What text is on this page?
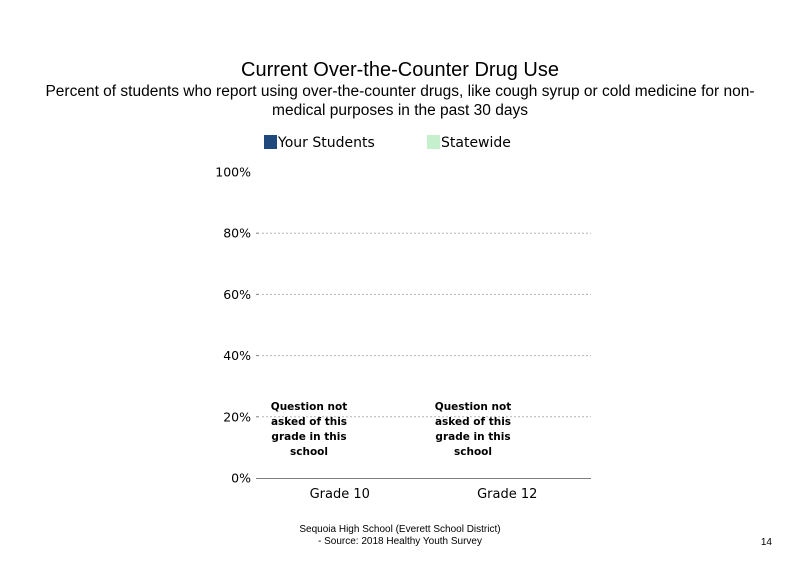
Current Over-the-Counter Drug Use
Percent of students who report using over-the-counter drugs, like cough syrup or cold medicine for non-medical purposes in the past 30 days
Your Students	Statewide
0%
20%
40%
60%
80%
100%
Grade 10	Grade 12
Question not asked of this grade in this school
Question not asked of this grade in this school
Sequoia High School (Everett School District)
- Source: 2018 Healthy Youth Survey	14
